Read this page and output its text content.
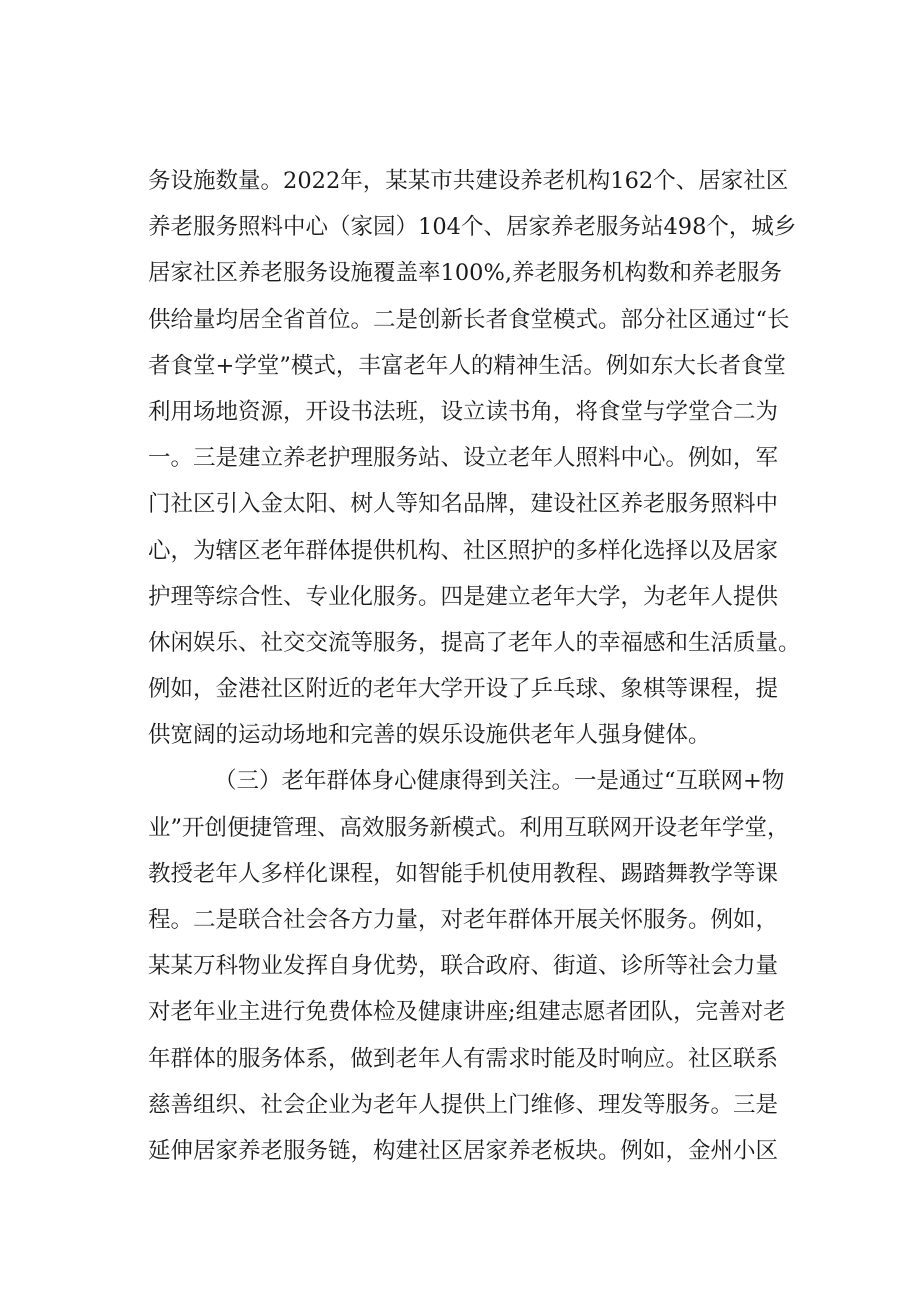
务设施数量。2022年，某某市共建设养老机构162个、居家社区
养老服务照料中心（家园）104个、居家养老服务站498个，城乡
居家社区养老服务设施覆盖率100%,养老服务机构数和养老服务
供给量均居全省首位。二是创新长者食堂模式。部分社区通过“长
者食堂+学堂”模式，丰富老年人的精神生活。例如东大长者食堂
利用场地资源，开设书法班，设立读书角，将食堂与学堂合二为
一。三是建立养老护理服务站、设立老年人照料中心。例如，军
门社区引入金太阳、树人等知名品牌，建设社区养老服务照料中
心，为辖区老年群体提供机构、社区照护的多样化选择以及居家
护理等综合性、专业化服务。四是建立老年大学，为老年人提供
休闲娱乐、社交交流等服务，提高了老年人的幸福感和生活质量。
例如，金港社区附近的老年大学开设了乒乓球、象棋等课程，提
供宽阔的运动场地和完善的娱乐设施供老年人强身健体。
（三）老年群体身心健康得到关注。一是通过“互联网+物
业”开创便捷管理、高效服务新模式。利用互联网开设老年学堂，
教授老年人多样化课程，如智能手机使用教程、踢踏舞教学等课
程。二是联合社会各方力量，对老年群体开展关怀服务。例如，
某某万科物业发挥自身优势，联合政府、街道、诊所等社会力量
对老年业主进行免费体检及健康讲座;组建志愿者团队，完善对老
年群体的服务体系，做到老年人有需求时能及时响应。社区联系
慈善组织、社会企业为老年人提供上门维修、理发等服务。三是
延伸居家养老服务链，构建社区居家养老板块。例如，金州小区
